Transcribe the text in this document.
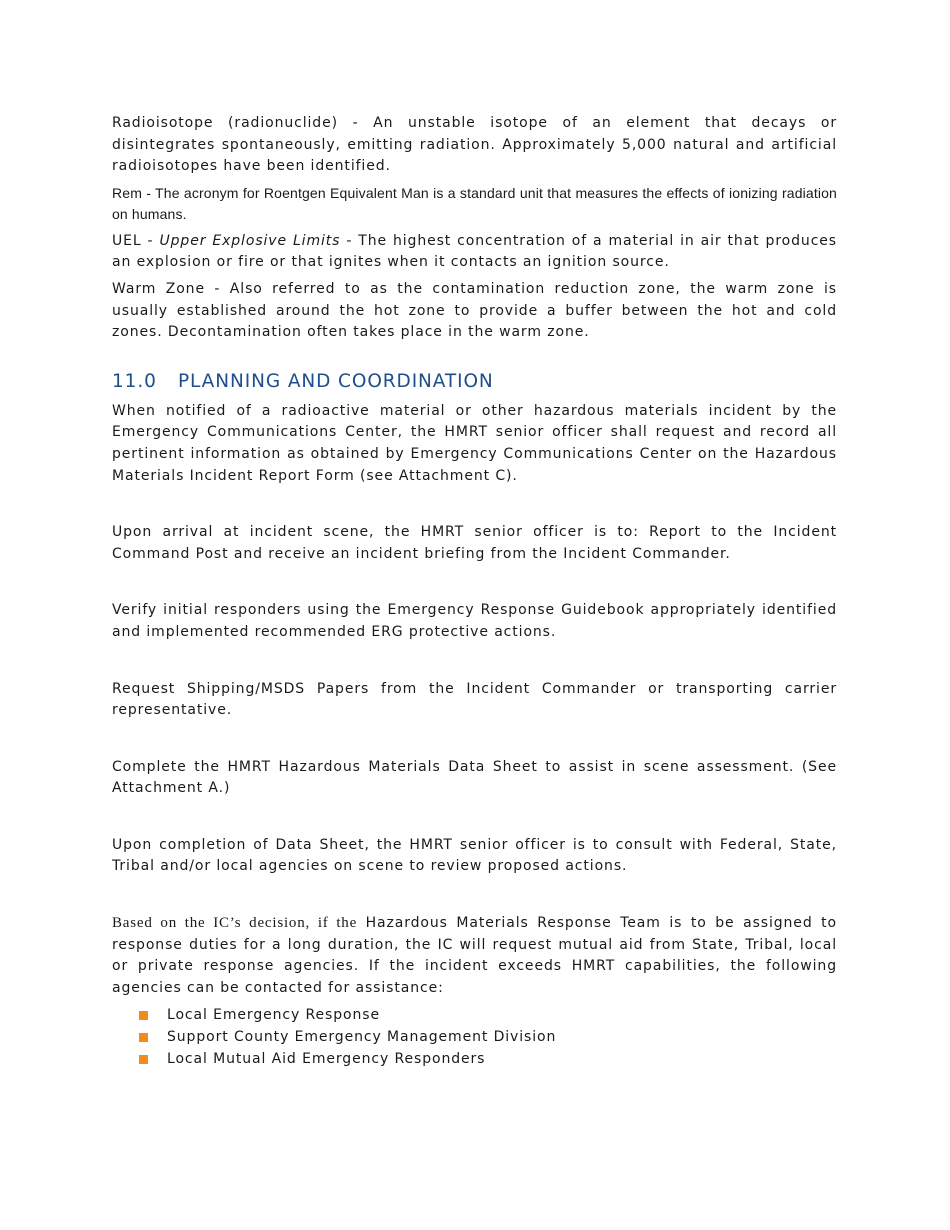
Radioisotope (radionuclide) - An unstable isotope of an element that decays or disintegrates spontaneously, emitting radiation. Approximately 5,000 natural and artificial radioisotopes have been identified.

Rem - The acronym for Roentgen Equivalent Man is a standard unit that measures the effects of ionizing radiation on humans.

UEL - Upper Explosive Limits - The highest concentration of a material in air that produces an explosion or fire or that ignites when it contacts an ignition source.

Warm Zone - Also referred to as the contamination reduction zone, the warm zone is usually established around the hot zone to provide a buffer between the hot and cold zones. Decontamination often takes place in the warm zone.

11.0 PLANNING AND COORDINATION

When notified of a radioactive material or other hazardous materials incident by the Emergency Communications Center, the HMRT senior officer shall request and record all pertinent information as obtained by Emergency Communications Center on the Hazardous Materials Incident Report Form (see Attachment C).

Upon arrival at incident scene, the HMRT senior officer is to: Report to the Incident Command Post and receive an incident briefing from the Incident Commander.

Verify initial responders using the Emergency Response Guidebook appropriately identified and implemented recommended ERG protective actions.

Request Shipping/MSDS Papers from the Incident Commander or transporting carrier representative.

Complete the HMRT Hazardous Materials Data Sheet to assist in scene assessment. (See Attachment A.)

Upon completion of Data Sheet, the HMRT senior officer is to consult with Federal, State, Tribal and/or local agencies on scene to review proposed actions.

Based on the IC’s decision, if the Hazardous Materials Response Team is to be assigned to response duties for a long duration, the IC will request mutual aid from State, Tribal, local or private response agencies. If the incident exceeds HMRT capabilities, the following agencies can be contacted for assistance:

Local Emergency Response
Support County Emergency Management Division
Local Mutual Aid Emergency Responders
